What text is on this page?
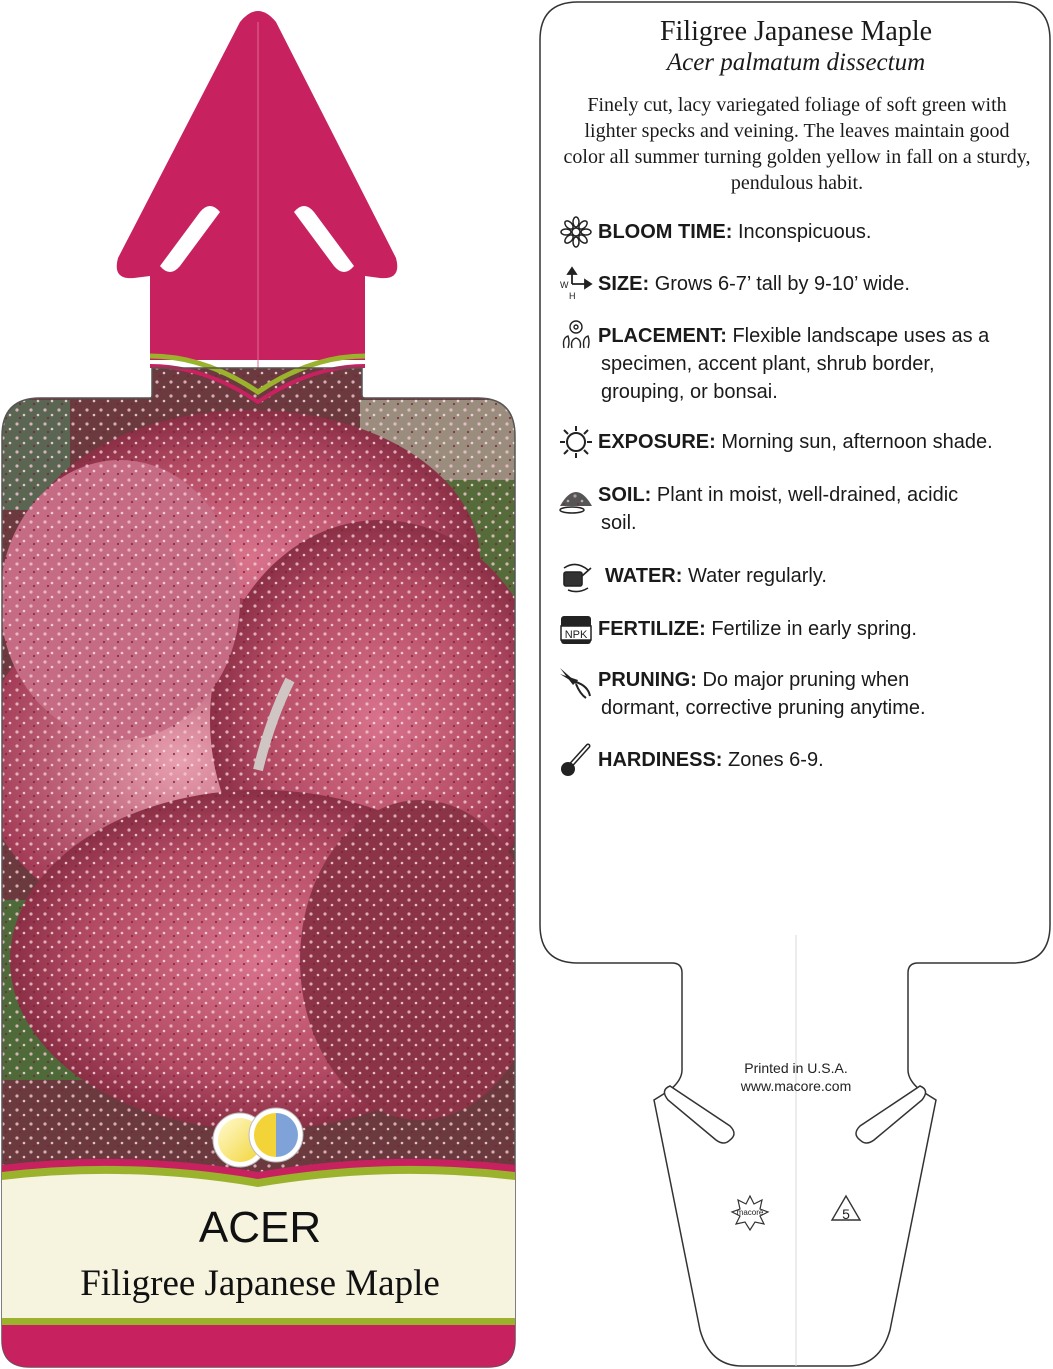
ACER
Filigree Japanese Maple
macore	5
Filigree Japanese Maple
Acer palmatum dissectum
Finely cut, lacy variegated foliage of soft green with lighter specks and veining. The leaves maintain good color all summer turning golden yellow in fall on a sturdy, pendulous habit.
W
H
NPK
BLOOM TIME: Inconspicuous.
SIZE: Grows 6-7’ tall by 9-10’ wide.
PLACEMENT: Flexible landscape uses as a
specimen, accent plant, shrub border,
grouping, or bonsai.
EXPOSURE: Morning sun, afternoon shade.
SOIL: Plant in moist, well-drained, acidic
soil.
WATER: Water regularly.
FERTILIZE: Fertilize in early spring.
PRUNING: Do major pruning when
dormant, corrective pruning anytime.
HARDINESS: Zones 6-9.
Printed in U.S.A.
www.macore.com
